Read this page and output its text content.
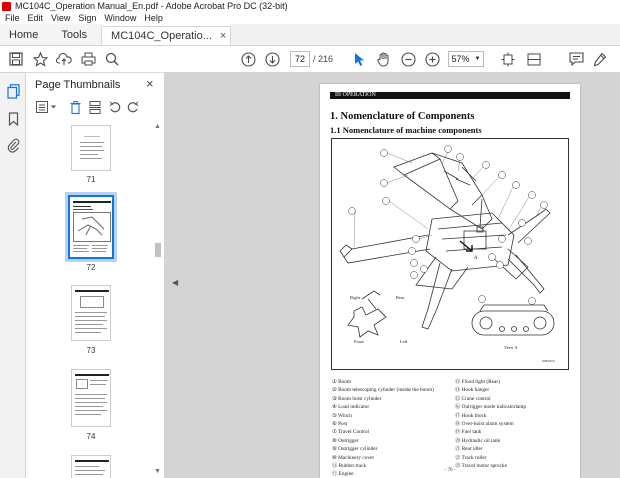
MC104C_Operation Manual_En.pdf - Adobe Acrobat Pro DC (32-bit)
File Edit View Sign Window Help
Home Tools MC104C_Operatio... ×
72 / 216	57% ▼
Page Thumbnails ×
71
72
73
74
▲
▼
◀
III OPERATION
1. Nomenclature of Components
1.1 Nomenclature of machine components
A
Right	Rear
Front	Left
View A
04E0253
① Boom
② Boom telescoping cylinder (inside the boom)
③ Boom hoist cylinder
④ Load indicator
⑤ Winch
⑥ Post
⑦ Travel Control
⑧ Outrigger
⑨ Outrigger cylinder
⑩ Machinery cover
⑪ Rubber track
⑫ Engine
⑬ Flood light (Rear)
⑭ Hook hanger
⑮ Crane control
⑯ Outrigger mode indicatorlamp
⑰ Hook block
⑱ Over-hoist alarm system
⑲ Fuel tank
⑳ Hydraulic oil tank
㉑ Rear idler
㉒ Track roller
㉓ Travel motor sprocke
- 70 -
